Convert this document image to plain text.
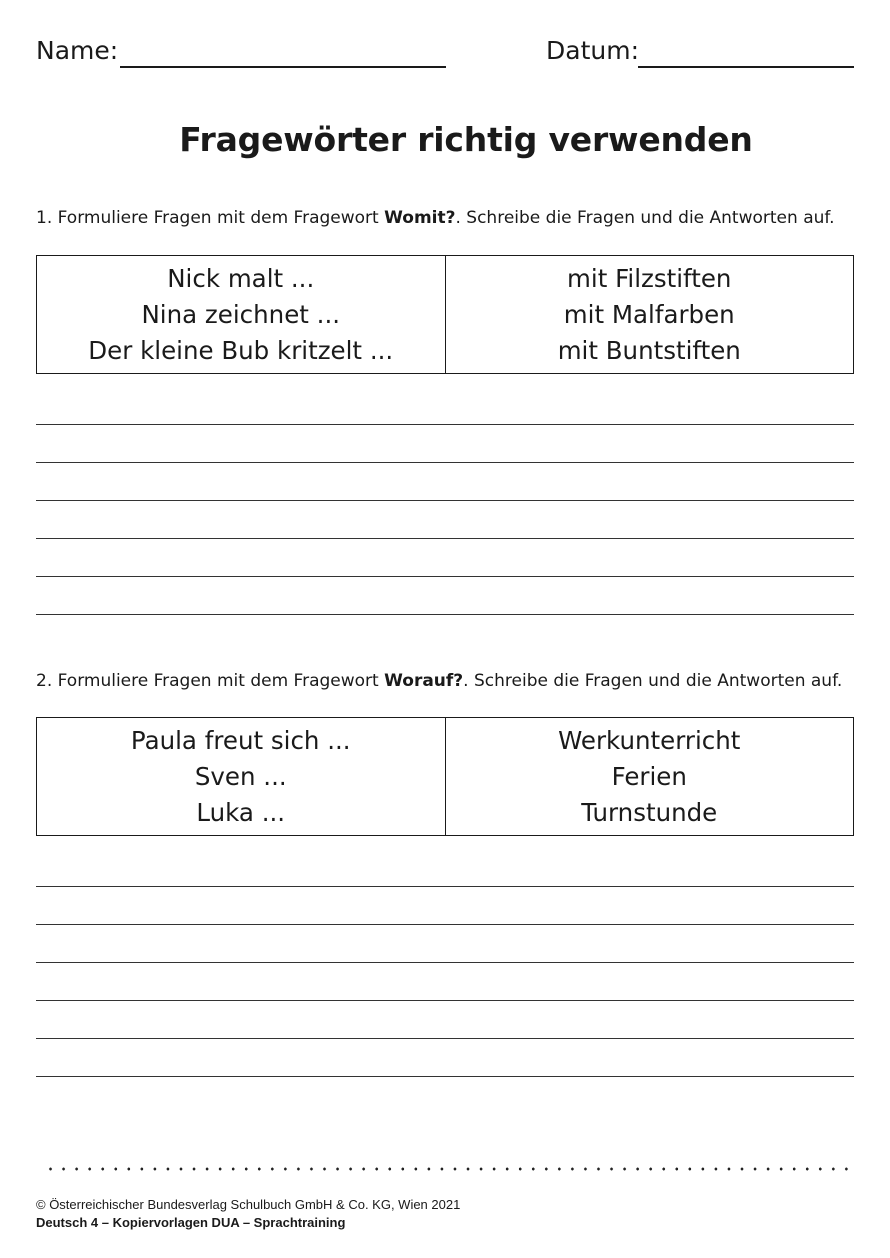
Name:	Datum:
Fragewörter richtig verwenden
1. Formuliere Fragen mit dem Fragewort Womit?. Schreibe die Fragen und die Antworten auf.
Nick malt ...
Nina zeichnet ...
Der kleine Bub kritzelt ...
mit Filzstiften
mit Malfarben
mit Buntstiften
2. Formuliere Fragen mit dem Fragewort Worauf?. Schreibe die Fragen und die Antworten auf.
Paula freut sich ...
Sven ...
Luka ...
Werkunterricht
Ferien
Turnstunde
© Österreichischer Bundesverlag Schulbuch GmbH & Co. KG, Wien 2021
Deutsch 4 – Kopiervorlagen DUA – Sprachtraining
